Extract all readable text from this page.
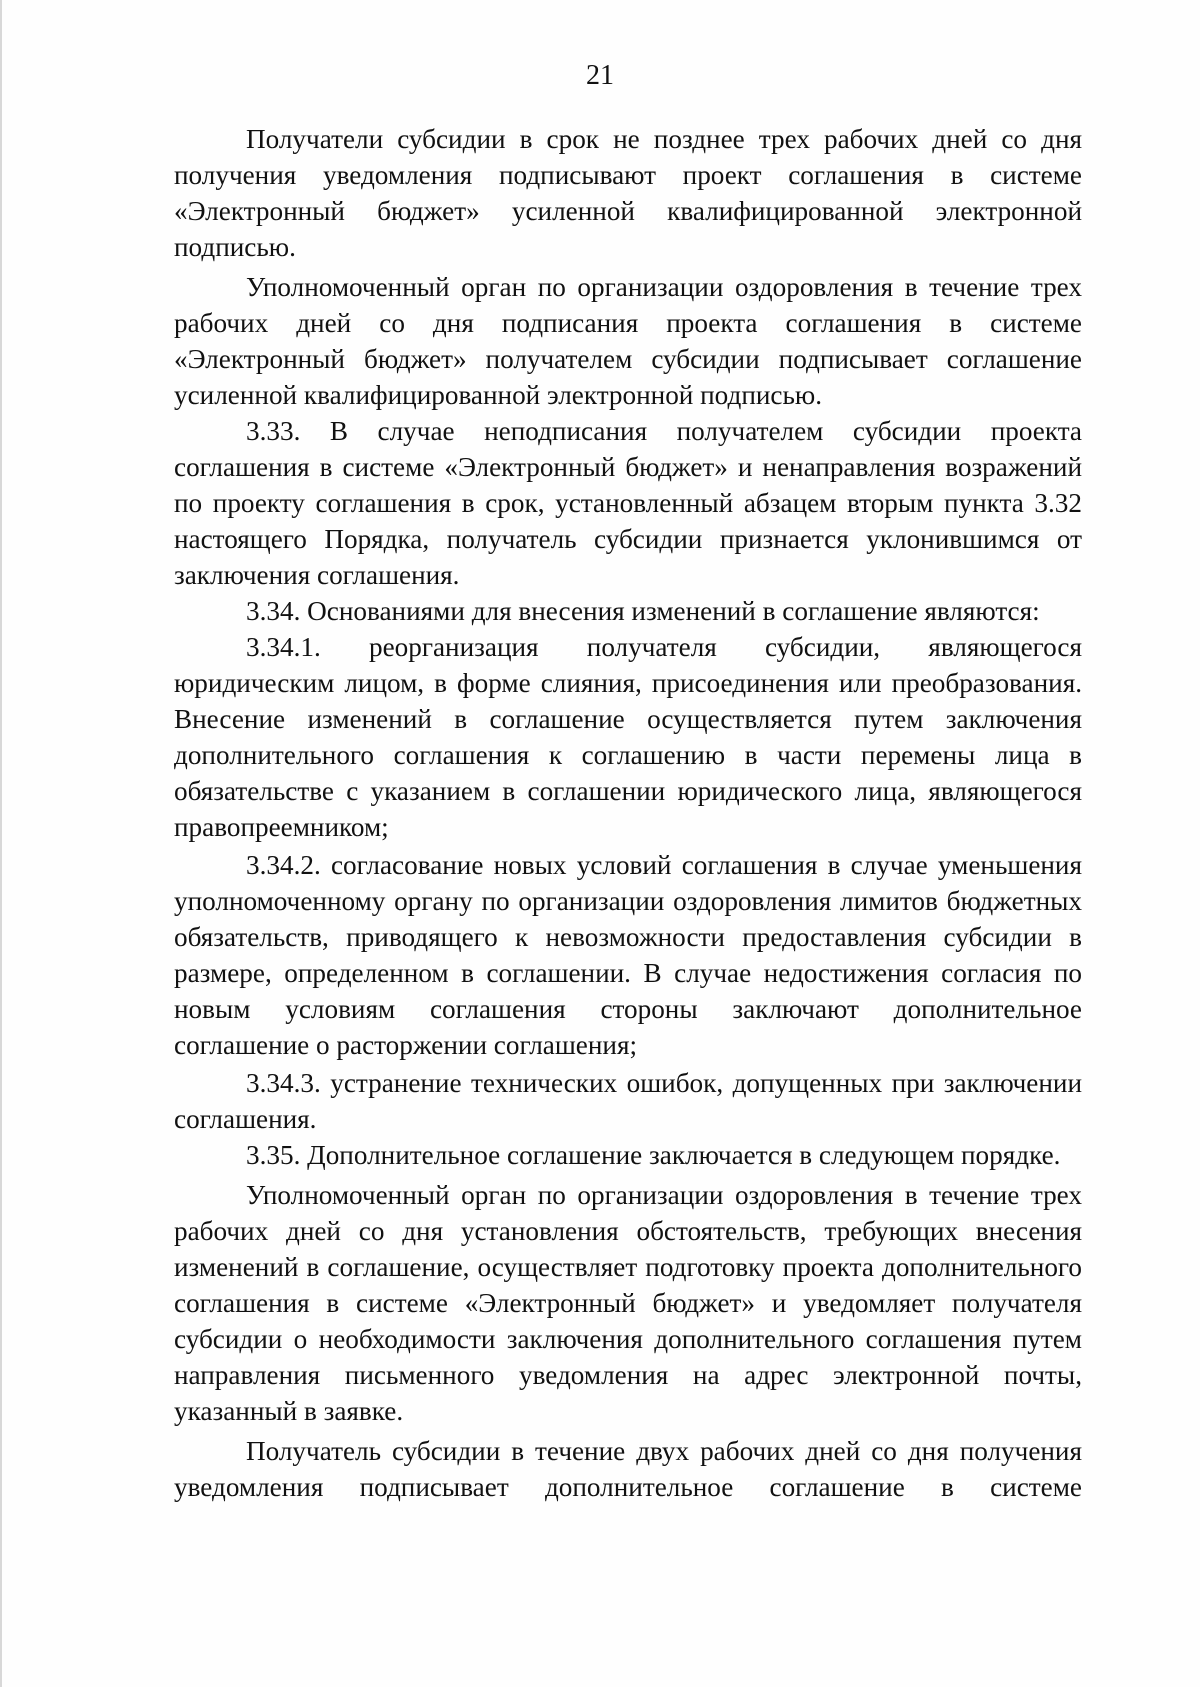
21

Получатели субсидии в срок не позднее трех рабочих дней со дня получения уведомления подписывают проект соглашения в системе «Электронный бюджет» усиленной квалифицированной электронной подписью.

Уполномоченный орган по организации оздоровления в течение трех рабочих дней со дня подписания проекта соглашения в системе «Электронный бюджет» получателем субсидии подписывает соглашение усиленной квалифицированной электронной подписью.

3.33. В случае неподписания получателем субсидии проекта соглашения в системе «Электронный бюджет» и ненаправления возражений по проекту соглашения в срок, установленный абзацем вторым пункта 3.32 настоящего Порядка, получатель субсидии признается уклонившимся от заключения соглашения.

3.34. Основаниями для внесения изменений в соглашение являются:

3.34.1. реорганизация получателя субсидии, являющегося юридическим лицом, в форме слияния, присоединения или преобразования. Внесение изменений в соглашение осуществляется путем заключения дополнительного соглашения к соглашению в части перемены лица в обязательстве с указанием в соглашении юридического лица, являющегося правопреемником;

3.34.2. согласование новых условий соглашения в случае уменьшения уполномоченному органу по организации оздоровления лимитов бюджетных обязательств, приводящего к невозможности предоставления субсидии в размере, определенном в соглашении. В случае недостижения согласия по новым условиям соглашения стороны заключают дополнительное соглашение о расторжении соглашения;

3.34.3. устранение технических ошибок, допущенных при заключении соглашения.

3.35. Дополнительное соглашение заключается в следующем порядке.

Уполномоченный орган по организации оздоровления в течение трех рабочих дней со дня установления обстоятельств, требующих внесения изменений в соглашение, осуществляет подготовку проекта дополнительного соглашения в системе «Электронный бюджет» и уведомляет получателя субсидии о необходимости заключения дополнительного соглашения путем направления письменного уведомления на адрес электронной почты, указанный в заявке.

Получатель субсидии в течение двух рабочих дней со дня получения уведомления подписывает дополнительное соглашение в системе
